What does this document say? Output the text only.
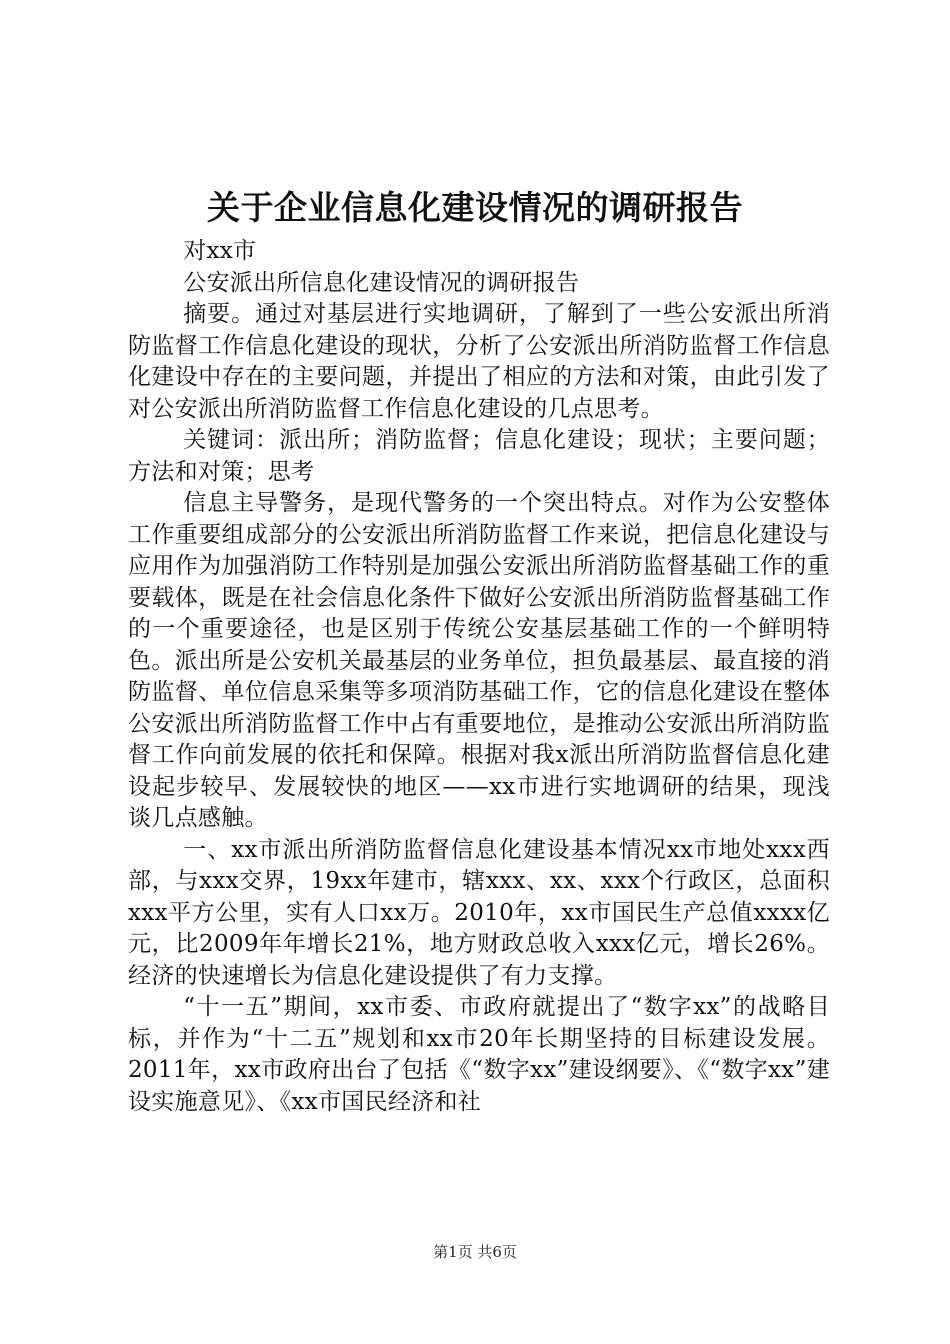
关于企业信息化建设情况的调研报告

对xx市

公安派出所信息化建设情况的调研报告

摘要。通过对基层进行实地调研，了解到了一些公安派出所消防监督工作信息化建设的现状，分析了公安派出所消防监督工作信息化建设中存在的主要问题，并提出了相应的方法和对策，由此引发了对公安派出所消防监督工作信息化建设的几点思考。

关键词：派出所；消防监督；信息化建设；现状；主要问题；方法和对策；思考

信息主导警务，是现代警务的一个突出特点。对作为公安整体工作重要组成部分的公安派出所消防监督工作来说，把信息化建设与应用作为加强消防工作特别是加强公安派出所消防监督基础工作的重要载体，既是在社会信息化条件下做好公安派出所消防监督基础工作的一个重要途径，也是区别于传统公安基层基础工作的一个鲜明特色。派出所是公安机关最基层的业务单位，担负最基层、最直接的消防监督、单位信息采集等多项消防基础工作，它的信息化建设在整体公安派出所消防监督工作中占有重要地位，是推动公安派出所消防监督工作向前发展的依托和保障。根据对我x派出所消防监督信息化建设起步较早、发展较快的地区——xx市进行实地调研的结果，现浅谈几点感触。

一、xx市派出所消防监督信息化建设基本情况xx市地处xxx西部，与xxx交界，19xx年建市，辖xxx、xx、xxx个行政区，总面积xxx平方公里，实有人口xx万。2010年，xx市国民生产总值xxxx亿元，比2009年年增长21%，地方财政总收入xxx亿元，增长26%。经济的快速增长为信息化建设提供了有力支撑。

“十一五”期间，xx市委、市政府就提出了“数字xx”的战略目标，并作为“十二五”规划和xx市20年长期坚持的目标建设发展。2011年，xx市政府出台了包括《“数字xx”建设纲要》、《“数字xx”建设实施意见》、《xx市国民经济和社

第1页 共6页
